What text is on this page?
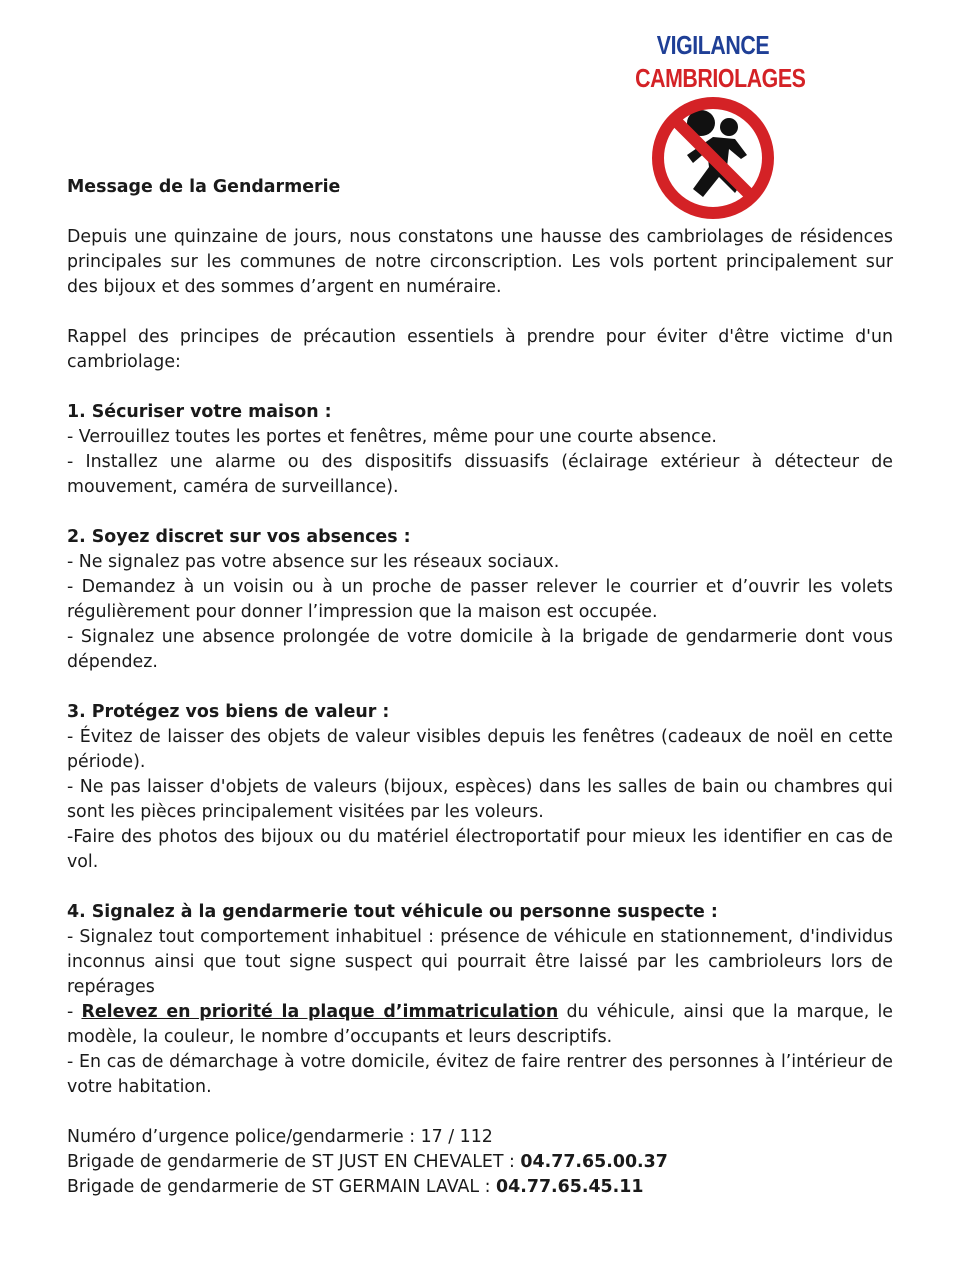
VIGILANCE
CAMBRIOLAGES

Message de la Gendarmerie

Depuis une quinzaine de jours, nous constatons une hausse des cambriolages de résidences principales sur les communes de notre circonscription. Les vols portent principalement sur des bijoux et des sommes d’argent en numéraire.

Rappel des principes de précaution essentiels à prendre pour éviter d'être victime d'un cambriolage:

1. Sécuriser votre maison :

- Verrouillez toutes les portes et fenêtres, même pour une courte absence.

- Installez une alarme ou des dispositifs dissuasifs (éclairage extérieur à détecteur de mouvement, caméra de surveillance).

2. Soyez discret sur vos absences :

- Ne signalez pas votre absence sur les réseaux sociaux.

- Demandez à un voisin ou à un proche de passer relever le courrier et d’ouvrir les volets régulièrement pour donner l’impression que la maison est occupée.

- Signalez une absence prolongée de votre domicile à la brigade de gendarmerie dont vous dépendez.

3. Protégez vos biens de valeur :

- Évitez de laisser des objets de valeur visibles depuis les fenêtres (cadeaux de noël en cette période).

- Ne pas laisser d'objets de valeurs (bijoux, espèces) dans les salles de bain ou chambres qui sont les pièces principalement visitées par les voleurs.

-Faire des photos des bijoux ou du matériel électroportatif pour mieux les identifier en cas de vol.

4. Signalez à la gendarmerie tout véhicule ou personne suspecte :

- Signalez tout comportement inhabituel : présence de véhicule en stationnement, d'individus inconnus ainsi que tout signe suspect qui pourrait être laissé par les cambrioleurs lors de repérages

- Relevez en priorité la plaque d’immatriculation du véhicule, ainsi que la marque, le modèle, la couleur, le nombre d’occupants et leurs descriptifs.

- En cas de démarchage à votre domicile, évitez de faire rentrer des personnes à l’intérieur de votre habitation.

Numéro d’urgence police/gendarmerie : 17 / 112

Brigade de gendarmerie de ST JUST EN CHEVALET : 04.77.65.00.37

Brigade de gendarmerie de ST GERMAIN LAVAL : 04.77.65.45.11
